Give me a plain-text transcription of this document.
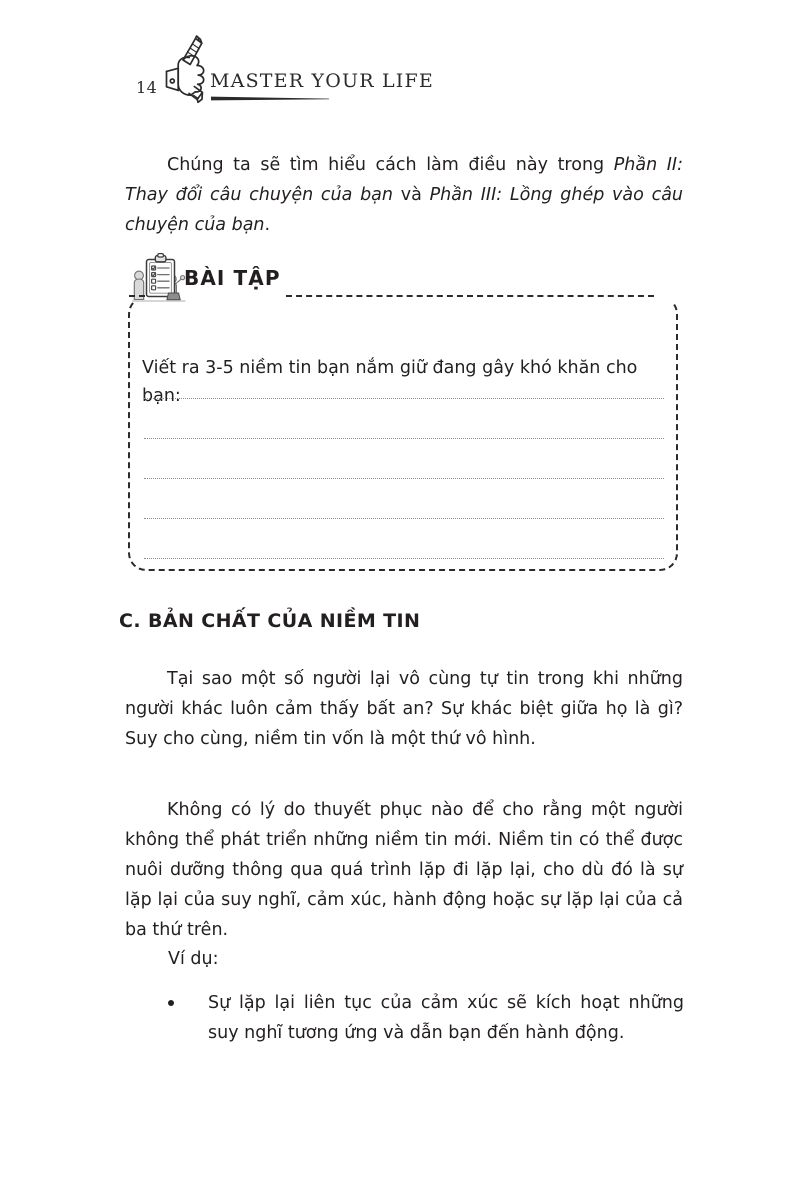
14	MASTER YOUR LIFE
Chúng ta sẽ tìm hiểu cách làm điều này trong Phần II: Thay đổi câu chuyện của bạn và Phần III: Lồng ghép vào câu chuyện của bạn.
BÀI TẬP
Viết ra 3-5 niềm tin bạn nắm giữ đang gây khó khăn cho bạn:
C. BẢN CHẤT CỦA NIỀM TIN
Tại sao một số người lại vô cùng tự tin trong khi những người khác luôn cảm thấy bất an? Sự khác biệt giữa họ là gì? Suy cho cùng, niềm tin vốn là một thứ vô hình.
Không có lý do thuyết phục nào để cho rằng một người không thể phát triển những niềm tin mới. Niềm tin có thể được nuôi dưỡng thông qua quá trình lặp đi lặp lại, cho dù đó là sự lặp lại của suy nghĩ, cảm xúc, hành động hoặc sự lặp lại của cả ba thứ trên.
Ví dụ:
Sự lặp lại liên tục của cảm xúc sẽ kích hoạt những suy nghĩ tương ứng và dẫn bạn đến hành động.
